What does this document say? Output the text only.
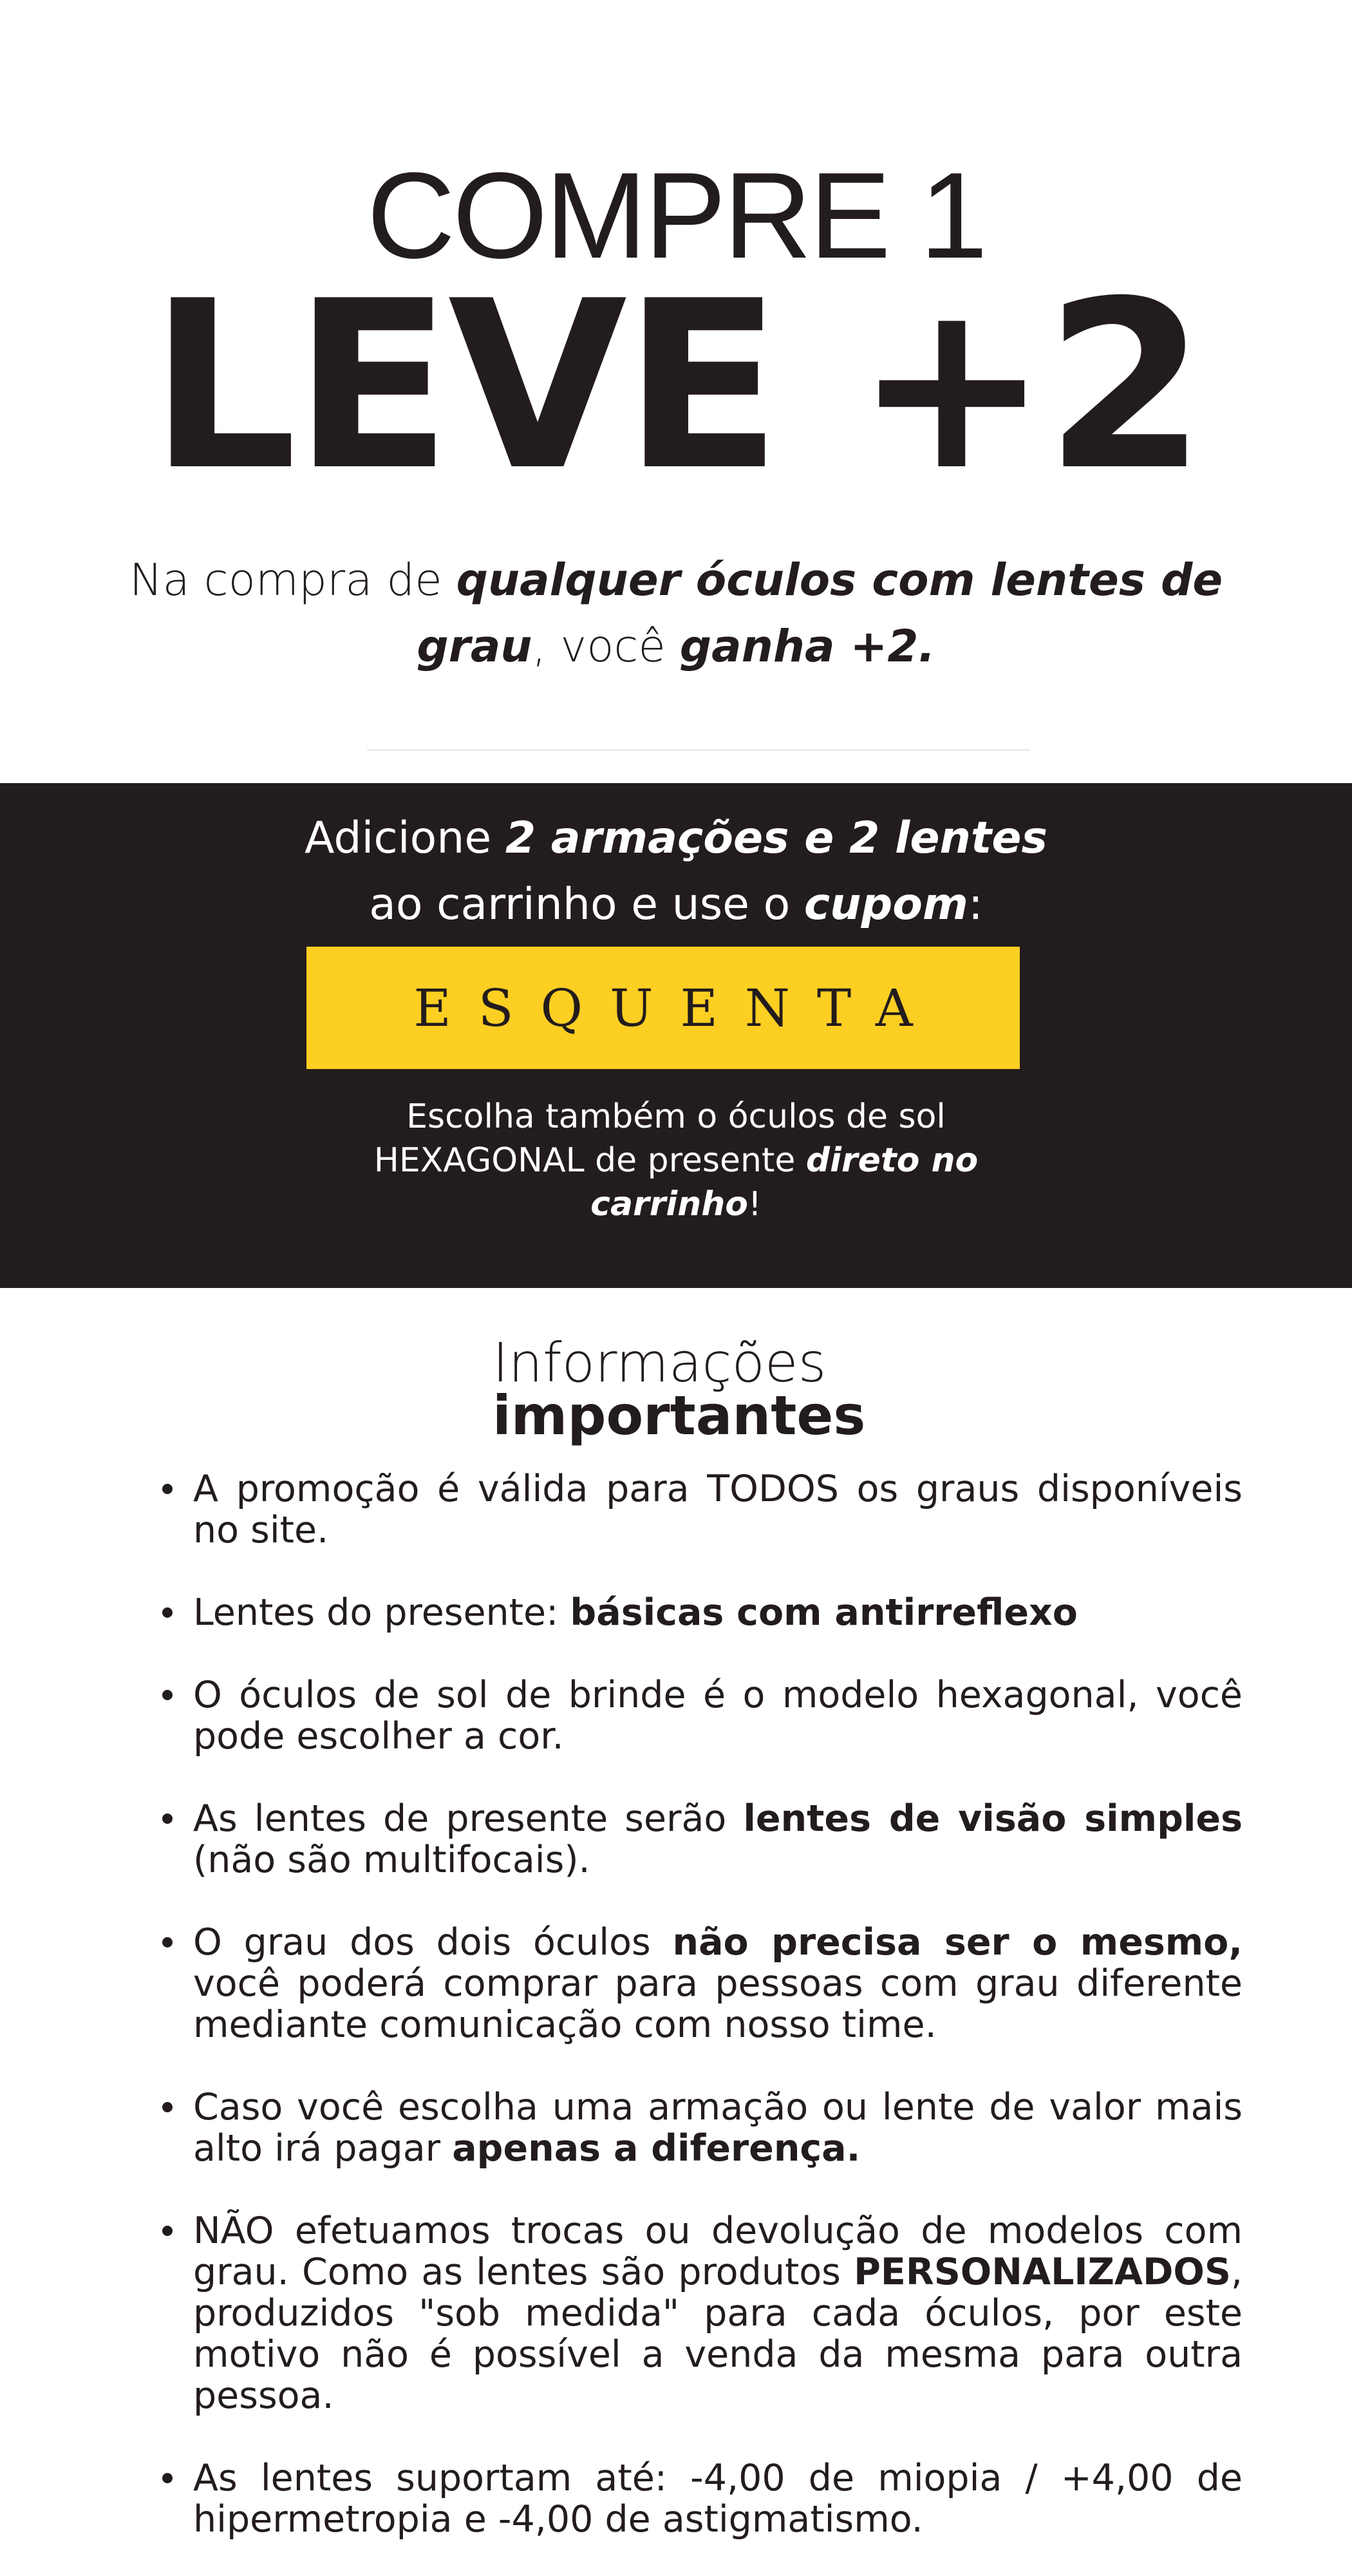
COMPRE 1
LEVE +2

Na compra de qualquer óculos com lentes de grau, você ganha +2.

Adicione 2 armações e 2 lentes
ao carrinho e use o cupom:

ESQUENTA

Escolha também o óculos de sol HEXAGONAL de presente direto no carrinho!

Informações
importantes
A promoção é válida para TODOS os graus disponíveis no site.
Lentes do presente: básicas com antirreflexo
O óculos de sol de brinde é o modelo hexagonal, você pode escolher a cor.
As lentes de presente serão lentes de visão simples (não são multifocais).
O grau dos dois óculos não precisa ser o mesmo, você poderá comprar para pessoas com grau diferente mediante comunicação com nosso time.
Caso você escolha uma armação ou lente de valor mais alto irá pagar apenas a diferença.
NÃO efetuamos trocas ou devolução de modelos com grau. Como as lentes são produtos PERSONALIZADOS, produzidos "sob medida" para cada óculos, por este motivo não é possível a venda da mesma para outra pessoa.
As lentes suportam até: -4,00 de miopia / +4,00 de hipermetropia e -4,00 de astigmatismo.
